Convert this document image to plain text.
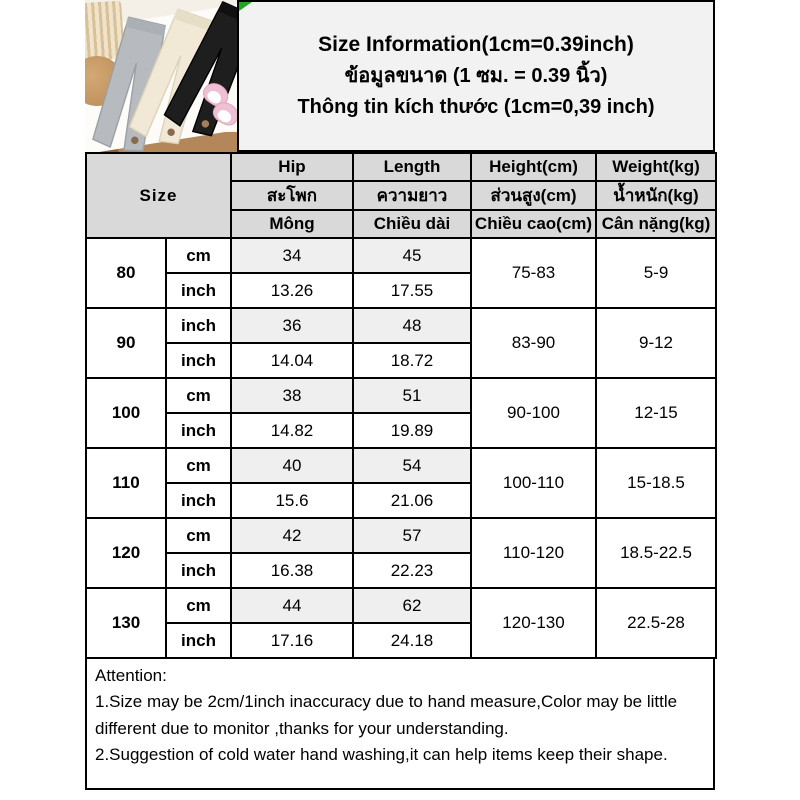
Size Information(1cm=0.39inch)
ข้อมูลขนาด (1 ซม. = 0.39 นิ้ว)
Thông tin kích thước (1cm=0,39 inch)
Size		Hip	Length	Height(cm)	Weight(kg)
		สะโพก	ความยาว	ส่วนสูง(cm)	น้ำหนัก(kg)
		Mông	Chiều dài	Chiều cao(cm)	Cân nặng(kg)
80	cm	34	45	75-83	5-9
	inch	13.26	17.55		
90	inch	36	48	83-90	9-12
	inch	14.04	18.72		
100	cm	38	51	90-100	12-15
	inch	14.82	19.89		
110	cm	40	54	100-110	15-18.5
	inch	15.6	21.06		
120	cm	42	57	110-120	18.5-22.5
	inch	16.38	22.23		
130	cm	44	62	120-130	22.5-28
	inch	17.16	24.18		
Attention:
1.Size may be 2cm/1inch inaccuracy due to hand measure,Color may be little different due to monitor ,thanks for your understanding.
2.Suggestion of cold water hand washing,it can help items keep their shape.
